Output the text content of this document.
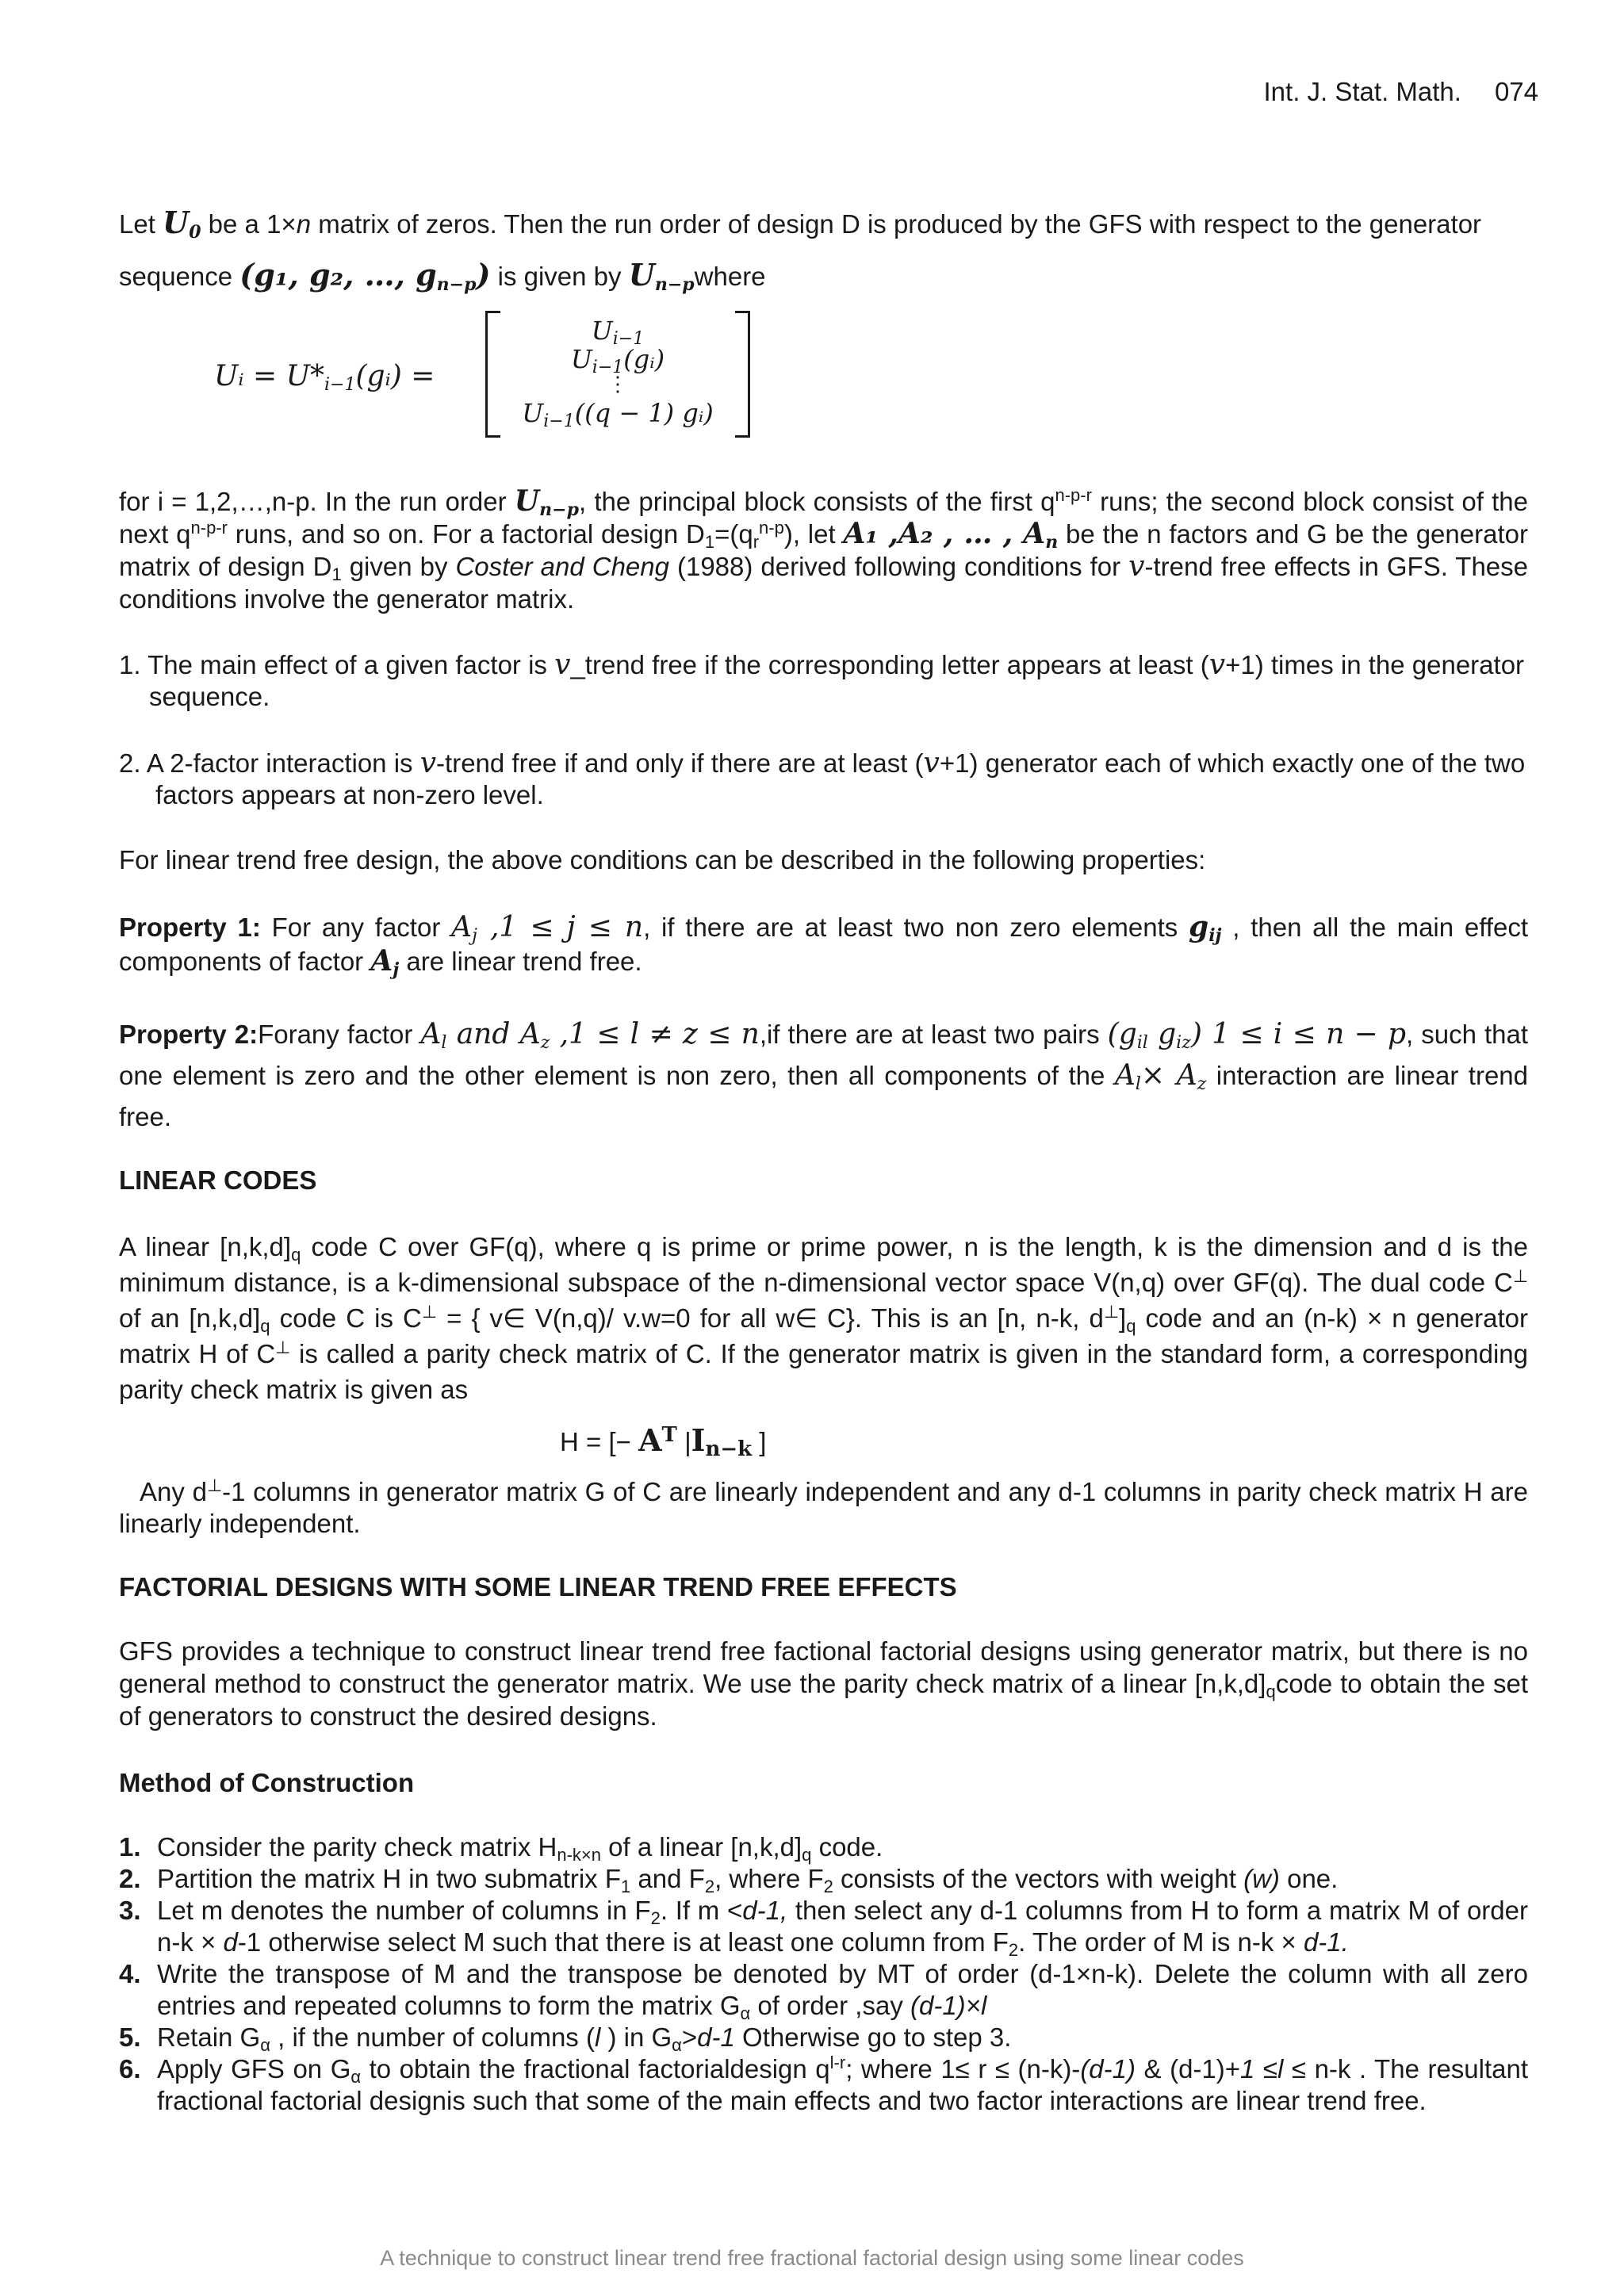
Int. J. Stat. Math. 074
Let $U_0$ be a 1×n matrix of zeros. Then the run order of design D is produced by the GFS with respect to the generator
sequence (g₁, g₂, …, $g_{n-p}$) is given by $U_{n-p}where$
Uᵢ = $U*_{i-1}(gᵢ)$ =
$U_{i-1}$
$U_{i-1}(gᵢ)$
⋮
$U_{i-1}((q - 1)$ gᵢ)
for i = 1,2,…,n-p. In the run order $U_{n-p}$, the principal block consists of the first $q^{n-p-r}$ runs; the second block consist of the next $q^{n-p-r}$ runs, and so on. For a factorial design $D_1=(q_r^{n-p})$, let A₁ ,A₂ , … , $A_n$ be the n factors and G be the generator matrix of design $D_1$ given by Coster and Cheng (1988) derived following conditions for v-trend free effects in GFS. These conditions involve the generator matrix.
1. The main effect of a given factor is v_trend free if the corresponding letter appears at least (v+1) times in the generator sequence.
2. A 2-factor interaction is v-trend free if and only if there are at least (v+1) generator each of which exactly one of the two factors appears at non-zero level.
For linear trend free design, the above conditions can be described in the following properties:
Property 1: For any factor $A_j$ ,1 ≤ j ≤ n, if there are at least two non zero elements $g_{ij}$ , then all the main effect components of factor $A_j$ are linear trend free.
Property 2:Forany factor $A_l$ and $A_z$ ,1 ≤ l ≠ z ≤ n,if there are at least two pairs ($g_{il}$ $g_{iz}$) 1 ≤ i ≤ n − p, such that one element is zero and the other element is non zero, then all components of the $A_l\times A_z$ interaction are linear trend free.
LINEAR CODES
A linear $[n,k,d]_q$ code C over GF(q), where q is prime or prime power, n is the length, k is the dimension and d is the minimum distance, is a k-dimensional subspace of the n-dimensional vector space V(n,q) over GF(q). The dual code C⊥ of an $[n,k,d]_q$ code C is C⊥ = { v∈ V(n,q)/ v.w=0 for all w∈ C}. This is an [n, n-k, $d^\perp]_q$ code and an (n-k) × n generator matrix H of C⊥ is called a parity check matrix of C. If the generator matrix is given in the standard form, a corresponding parity check matrix is given as
H = [− $A^T$ $|I_{n-k}$ ]
Any d⊥-1 columns in generator matrix G of C are linearly independent and any d-1 columns in parity check matrix H are linearly independent.
FACTORIAL DESIGNS WITH SOME LINEAR TREND FREE EFFECTS
GFS provides a technique to construct linear trend free factional factorial designs using generator matrix, but there is no general method to construct the generator matrix. We use the parity check matrix of a linear $[n,k,d]_qcode$ to obtain the set of generators to construct the desired designs.
Method of Construction
1. Consider the parity check matrix $H_{n-k\times n}$ of a linear $[n,k,d]_q$ code.
2. Partition the matrix H in two submatrix $F_1$ and $F_2$, where $F_2$ consists of the vectors with weight (w) one.
3. Let m denotes the number of columns in $F_2$. If m <d-1, then select any d-1 columns from H to form a matrix M of order n-k × d-1 otherwise select M such that there is at least one column from $F_2$. The order of M is n-k × d-1.
4. Write the transpose of M and the transpose be denoted by MT of order (d-1×n-k). Delete the column with all zero entries and repeated columns to form the matrix $G_\alpha$ of order ,say (d-1)×l
5. Retain $G_\alpha$ , if the number of columns (l ) in $G_\alpha>d-1$ Otherwise go to step 3.
6. Apply GFS on $G_\alpha$ to obtain the fractional factorialdesign $q^{l-r}$; where 1≤ r ≤ (n-k)-(d-1) & (d-1)+1 ≤l ≤ n-k . The resultant fractional factorial designis such that some of the main effects and two factor interactions are linear trend free.
A technique to construct linear trend free fractional factorial design using some linear codes
